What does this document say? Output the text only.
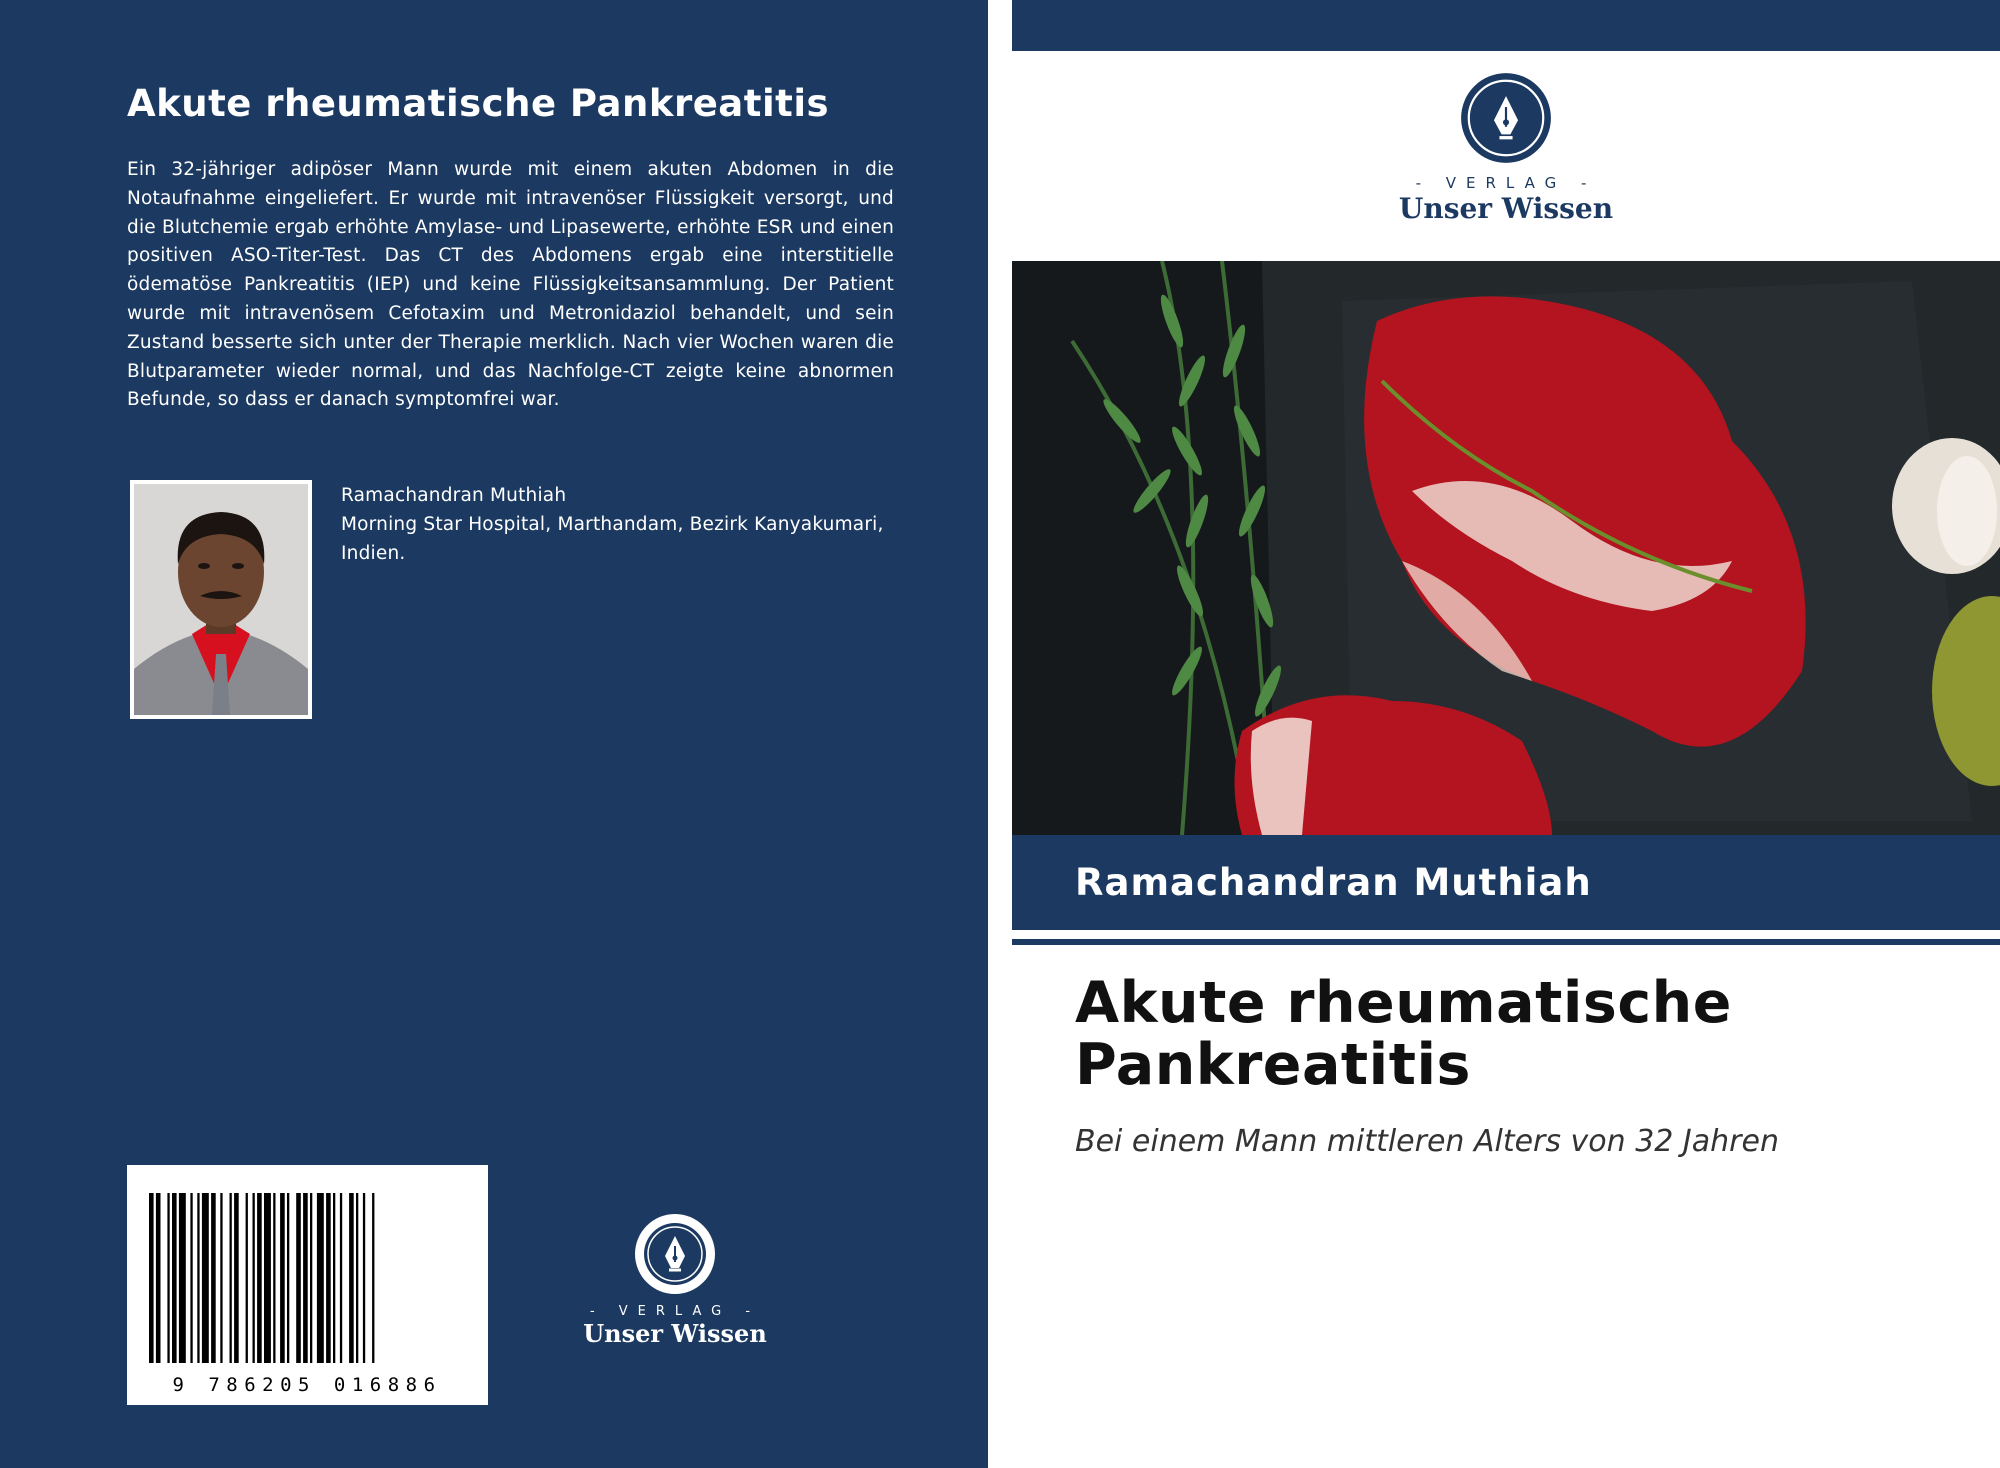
Akute rheumatische Pankreatitis

Ein 32-jähriger adipöser Mann wurde mit einem akuten Abdomen in die Notaufnahme eingeliefert. Er wurde mit intravenöser Flüssigkeit versorgt, und die Blutchemie ergab erhöhte Amylase- und Lipasewerte, erhöhte ESR und einen positiven ASO-Titer-Test. Das CT des Abdomens ergab eine interstitielle ödematöse Pankreatitis (IEP) und keine Flüssigkeitsansammlung. Der Patient wurde mit intravenösem Cefotaxim und Metronidaziol behandelt, und sein Zustand besserte sich unter der Therapie merklich. Nach vier Wochen waren die Blutparameter wieder normal, und das Nachfolge-CT zeigte keine abnormen Befunde, so dass er danach symptomfrei war.

Ramachandran Muthiah
Morning Star Hospital, Marthandam, Bezirk Kanyakumari,
Indien.
9 786205 016886
- VERLAG -
Unser Wissen
- VERLAG -
Unser Wissen

Ramachandran Muthiah

Akute rheumatische
Pankreatitis

Bei einem Mann mittleren Alters von 32 Jahren
